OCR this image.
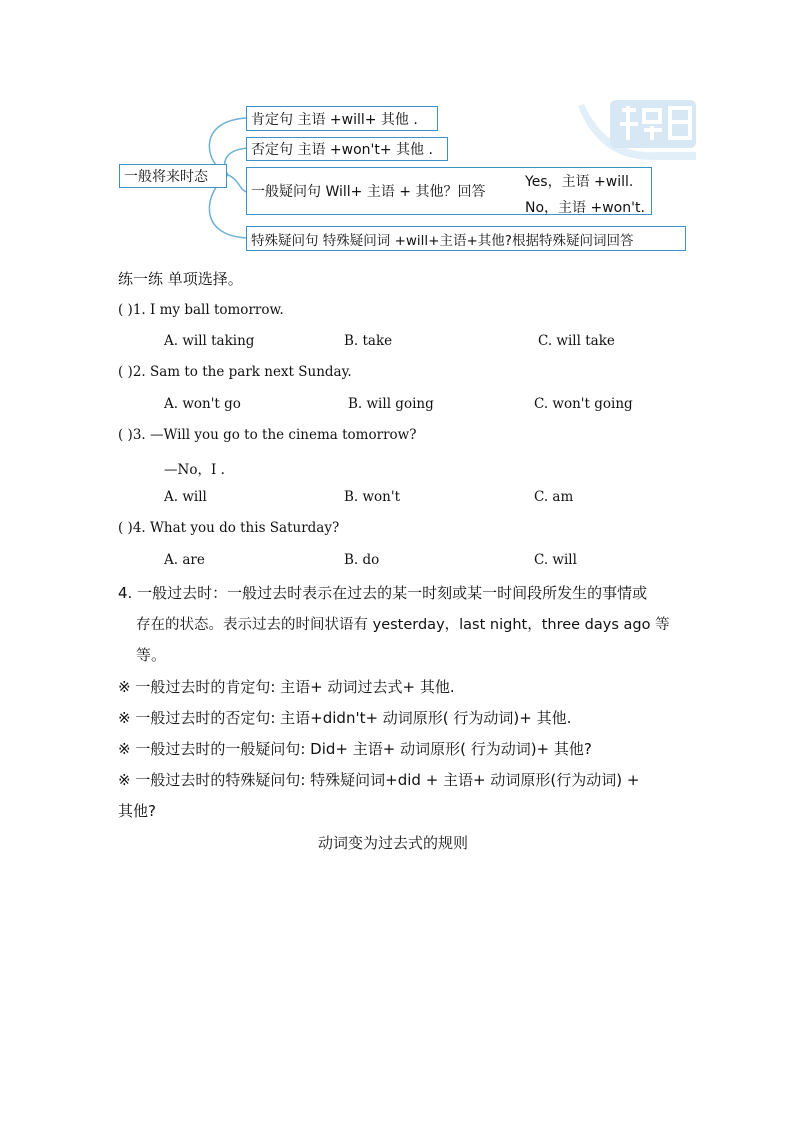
一般将来时态
肯定句 主语 +will+ 其他 .
否定句 主语 +won't+ 其他 .
一般疑问句 Will+ 主语 + 其他？回答
Yes，主语 +will.
No，主语 +won't.
特殊疑问句 特殊疑问词 +will+主语+其他?根据特殊疑问词回答
练一练 单项选择。
( )1. I my ball tomorrow.
A. will taking	B. take	C. will take
( )2. Sam to the park next Sunday.
A. won't go	B. will going	C. won't going
( )3. —Will you go to the cinema tomorrow?
—No，I .
A. will	B. won't	C. am
( )4. What you do this Saturday?
A. are	B. do	C. will
4. 一般过去时：一般过去时表示在过去的某一时刻或某一时间段所发生的事情或
存在的状态。表示过去的时间状语有 yesterday，last night，three days ago 等
等。
※ 一般过去时的肯定句: 主语+ 动词过去式+ 其他.
※ 一般过去时的否定句: 主语+didn't+ 动词原形( 行为动词)+ 其他.
※ 一般过去时的一般疑问句: Did+ 主语+ 动词原形( 行为动词)+ 其他?
※ 一般过去时的特殊疑问句: 特殊疑问词+did + 主语+ 动词原形(行为动词) +
其他?
动词变为过去式的规则
